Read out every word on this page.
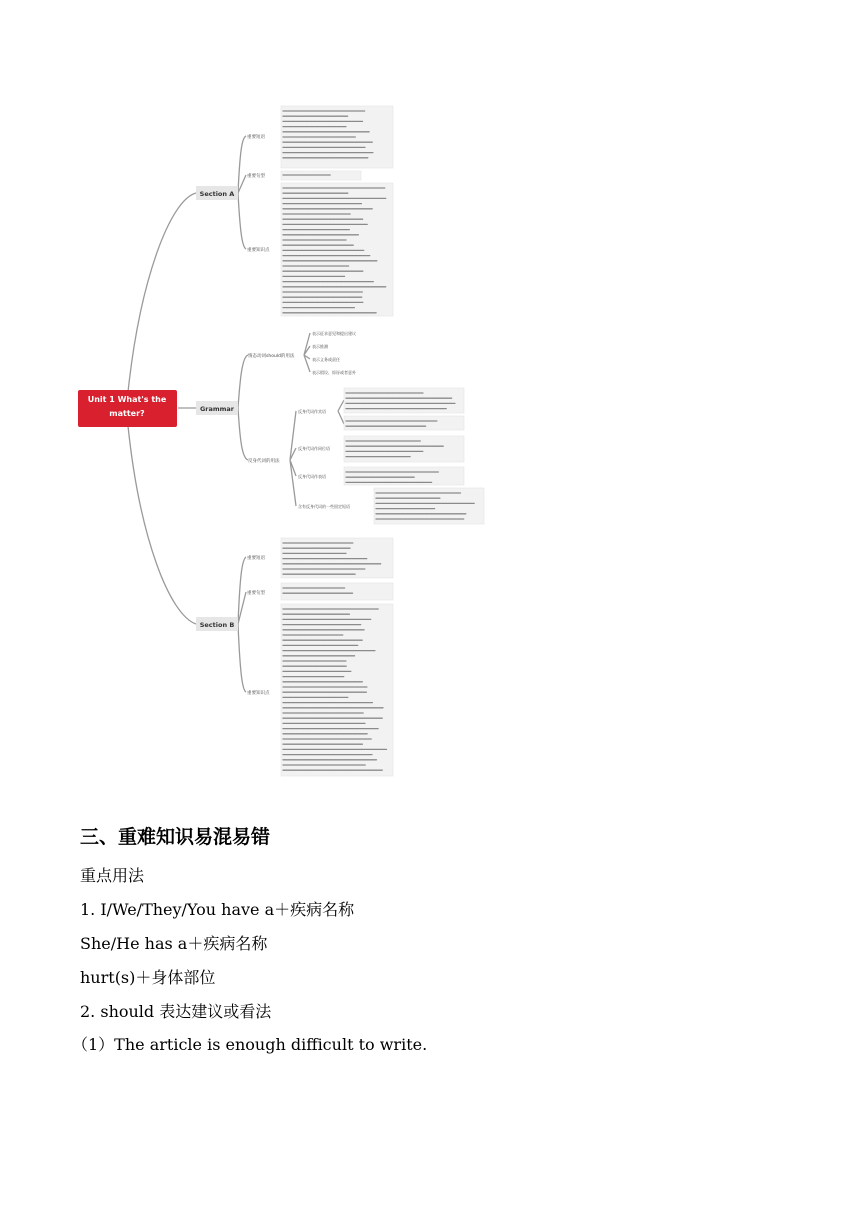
Unit 1 What's the
matter?
Section A
Grammar
Section B
重要短语
重要句型
重要知识点
情态动词should的用法
反身代词的用法
表示征求意见和提出建议
表示推测
表示义务或责任
表示假设、惊讶或者意外
反身代词作宾语
反身代词作同位语
反身代词作表语
含有反身代词的一些固定短语
重要短语
重要句型
重要知识点
三、重难知识易混易错

重点用法

1. I/We/They/You have a＋疾病名称

She/He has a＋疾病名称

hurt(s)＋身体部位

2. should 表达建议或看法

（1）The article is enough difficult to write.
